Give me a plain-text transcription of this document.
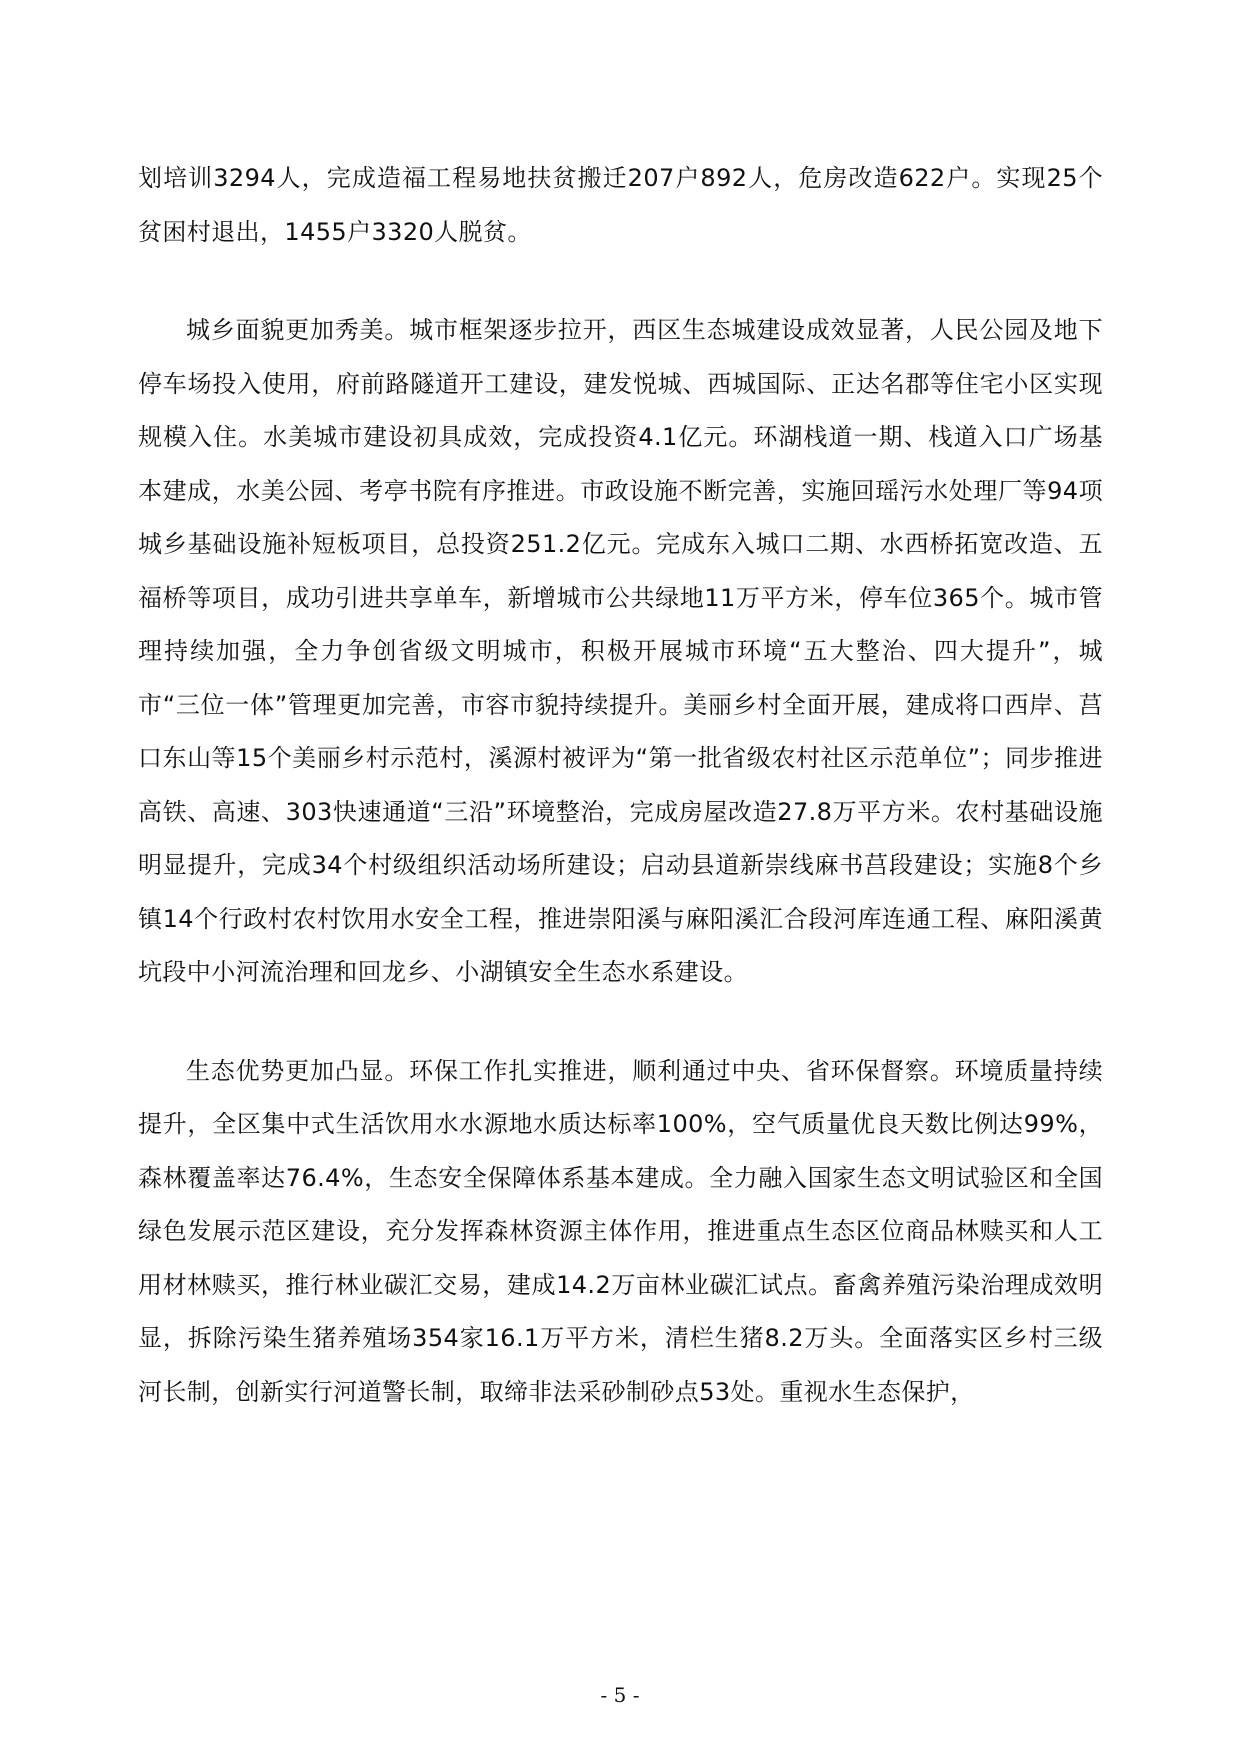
划培训3294人，完成造福工程易地扶贫搬迁207户892人，危房改造622户。实现25个贫困村退出，1455户3320人脱贫。

城乡面貌更加秀美。城市框架逐步拉开，西区生态城建设成效显著，人民公园及地下停车场投入使用，府前路隧道开工建设，建发悦城、西城国际、正达名郡等住宅小区实现规模入住。水美城市建设初具成效，完成投资4.1亿元。环湖栈道一期、栈道入口广场基本建成，水美公园、考亭书院有序推进。市政设施不断完善，实施回瑶污水处理厂等94项城乡基础设施补短板项目，总投资251.2亿元。完成东入城口二期、水西桥拓宽改造、五福桥等项目，成功引进共享单车，新增城市公共绿地11万平方米，停车位365个。城市管理持续加强，全力争创省级文明城市，积极开展城市环境“五大整治、四大提升”，城市“三位一体”管理更加完善，市容市貌持续提升。美丽乡村全面开展，建成将口西岸、莒口东山等15个美丽乡村示范村，溪源村被评为“第一批省级农村社区示范单位”；同步推进高铁、高速、303快速通道“三沿”环境整治，完成房屋改造27.8万平方米。农村基础设施明显提升，完成34个村级组织活动场所建设；启动县道新崇线麻书莒段建设；实施8个乡镇14个行政村农村饮用水安全工程，推进崇阳溪与麻阳溪汇合段河库连通工程、麻阳溪黄坑段中小河流治理和回龙乡、小湖镇安全生态水系建设。

生态优势更加凸显。环保工作扎实推进，顺利通过中央、省环保督察。环境质量持续提升，全区集中式生活饮用水水源地水质达标率100%，空气质量优良天数比例达99%，森林覆盖率达76.4%，生态安全保障体系基本建成。全力融入国家生态文明试验区和全国绿色发展示范区建设，充分发挥森林资源主体作用，推进重点生态区位商品林赎买和人工用材林赎买，推行林业碳汇交易，建成14.2万亩林业碳汇试点。畜禽养殖污染治理成效明显，拆除污染生猪养殖场354家16.1万平方米，清栏生猪8.2万头。全面落实区乡村三级河长制，创新实行河道警长制，取缔非法采砂制砂点53处。重视水生态保护，

- 5 -
